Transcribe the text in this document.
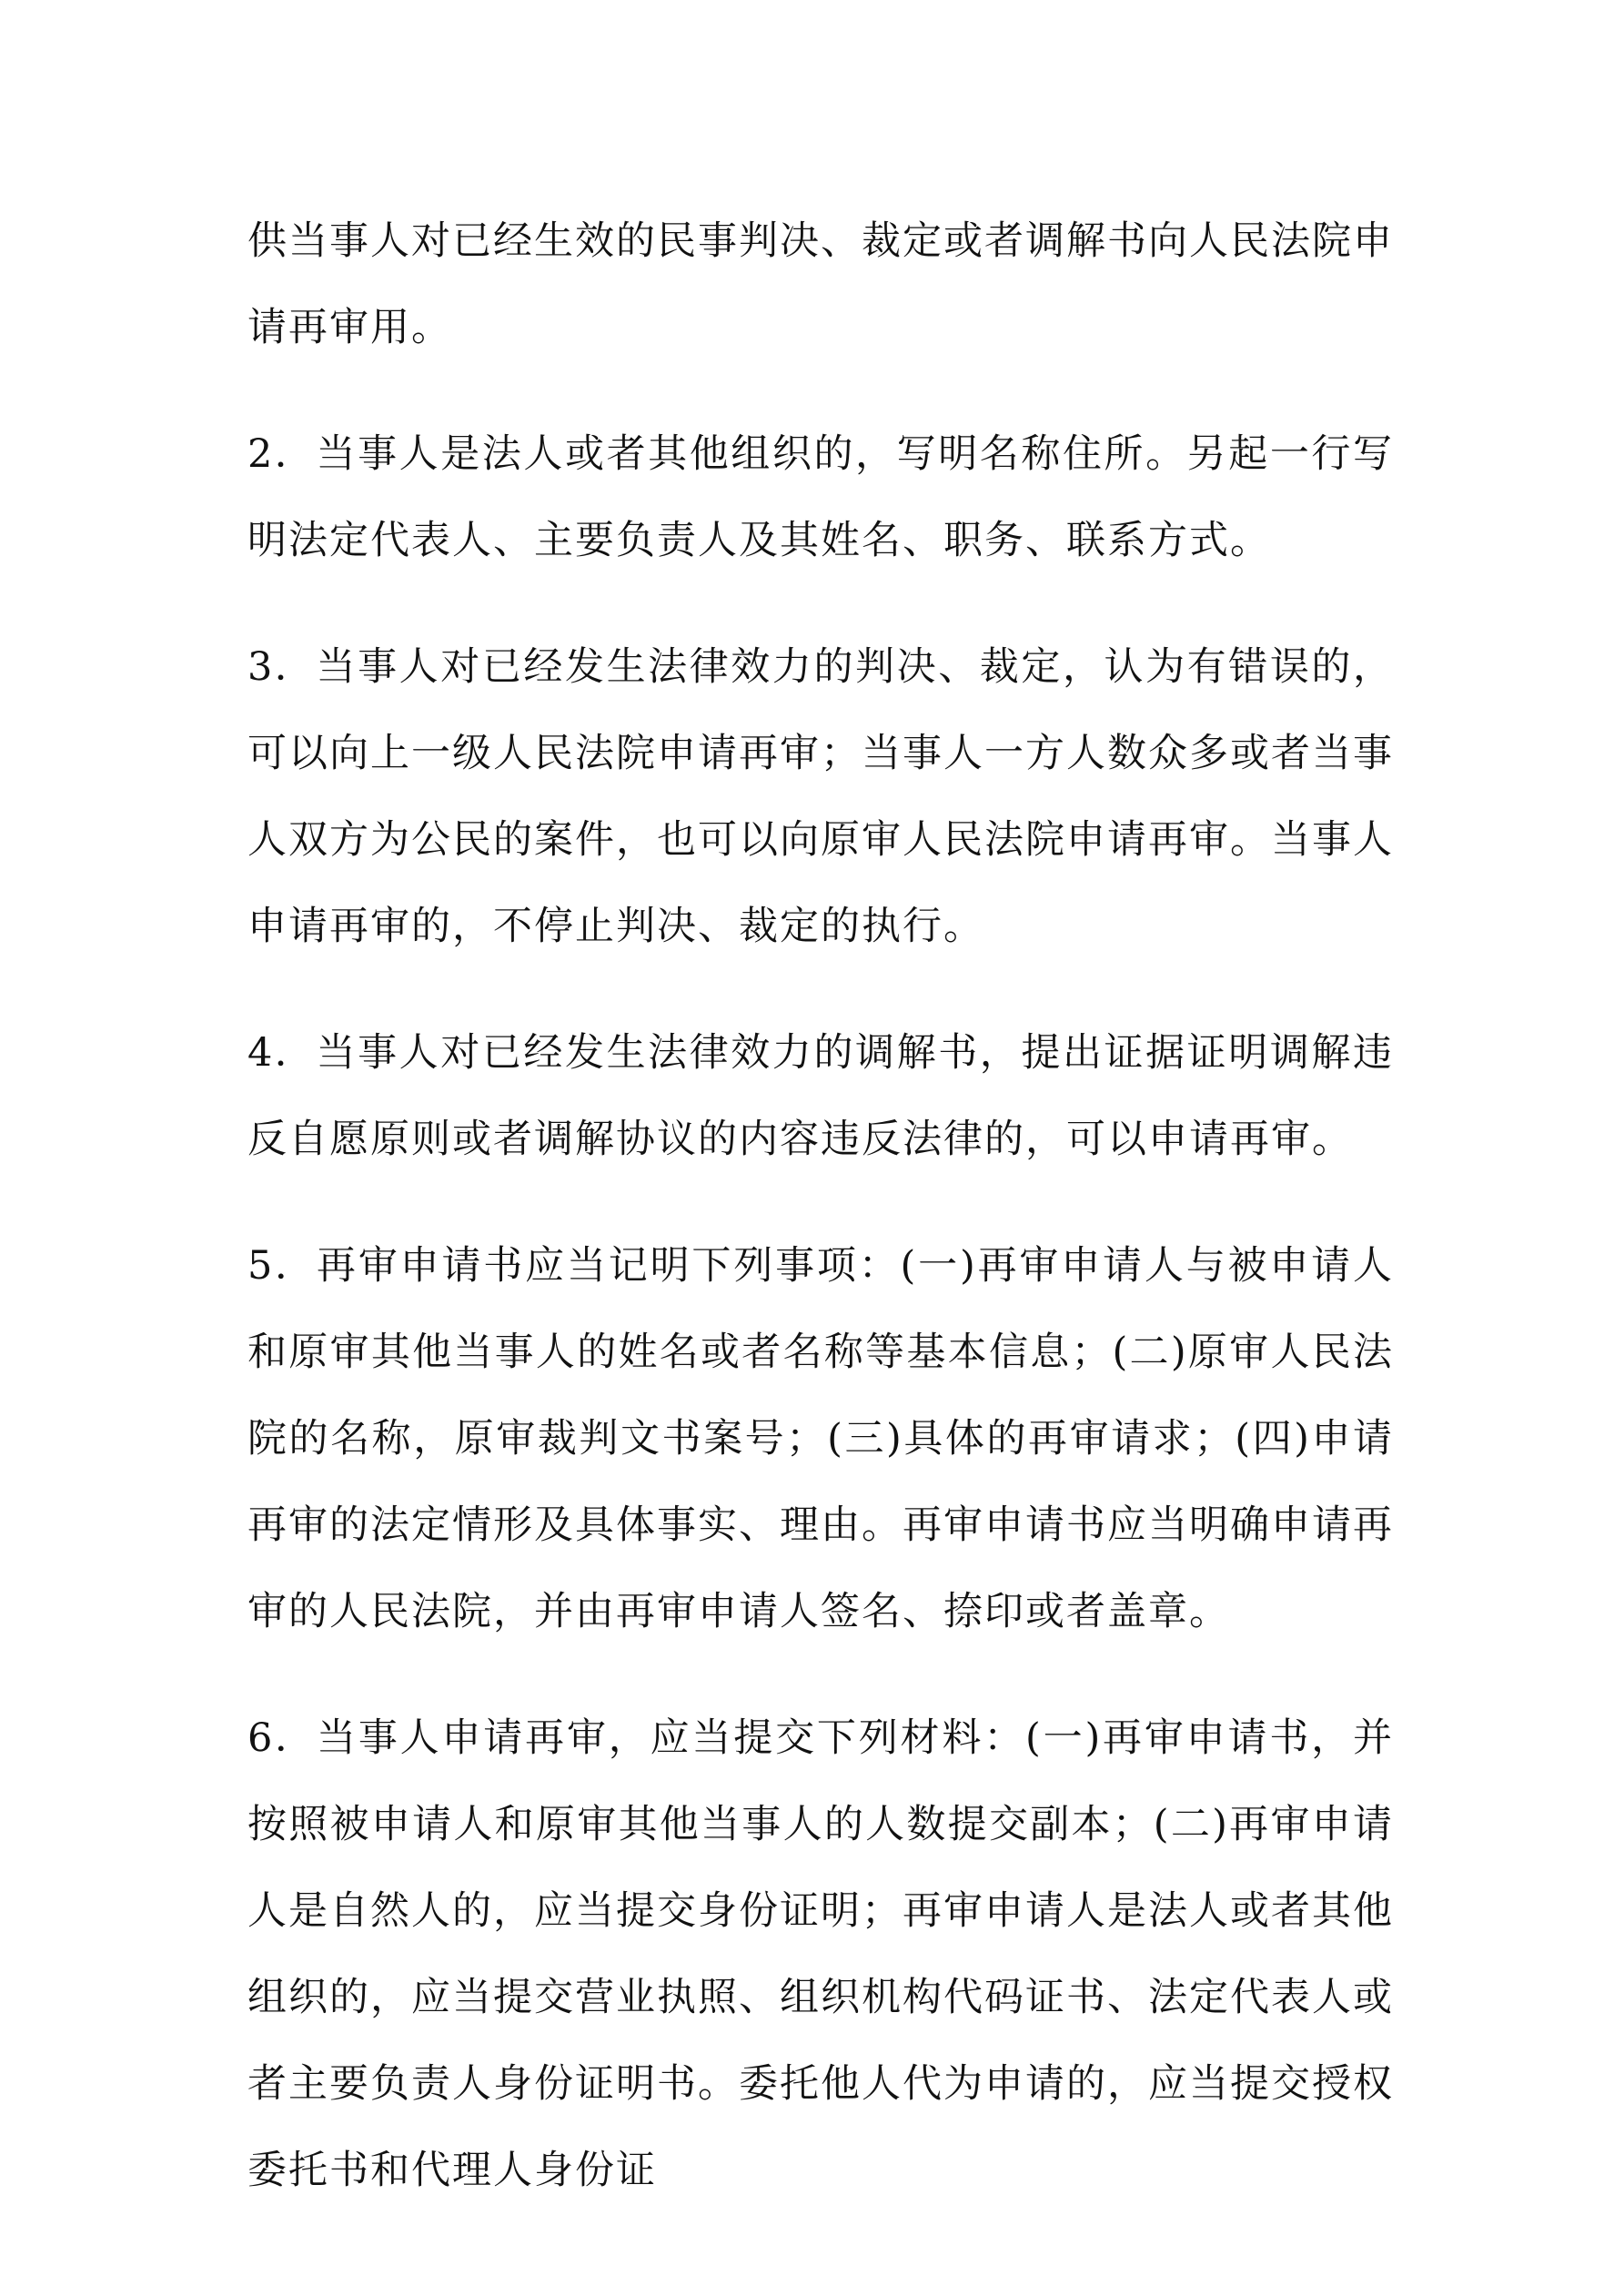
供当事人对已经生效的民事判决、裁定或者调解书向人民法院申请再审用。

2．当事人是法人或者其他组织的，写明名称住所。另起一行写明法定代表人、主要负责人及其姓名、职务、联系方式。

3．当事人对已经发生法律效力的判决、裁定，认为有错误的，可以向上一级人民法院申请再审；当事人一方人数众多或者当事人双方为公民的案件，也可以向原审人民法院申请再审。当事人申请再审的，不停止判决、裁定的执行。

4．当事人对已经发生法律效力的调解书，提出证据证明调解违反自愿原则或者调解协议的内容违反法律的，可以申请再审。

5．再审申请书应当记明下列事项：(一)再审申请人与被申请人和原审其他当事人的姓名或者名称等基本信息；(二)原审人民法院的名称，原审裁判文书案号；(三)具体的再审请求；(四)申请再审的法定情形及具体事实、理由。再审申请书应当明确申请再审的人民法院，并由再审申请人签名、捺印或者盖章。

6．当事人申请再审，应当提交下列材料：(一)再审申请书，并按照被申请人和原审其他当事人的人数提交副本；(二)再审申请人是自然人的，应当提交身份证明；再审申请人是法人或者其他组织的，应当提交营业执照、组织机构代码证书、法定代表人或者主要负责人身份证明书。委托他人代为申请的，应当提交授权委托书和代理人身份证
